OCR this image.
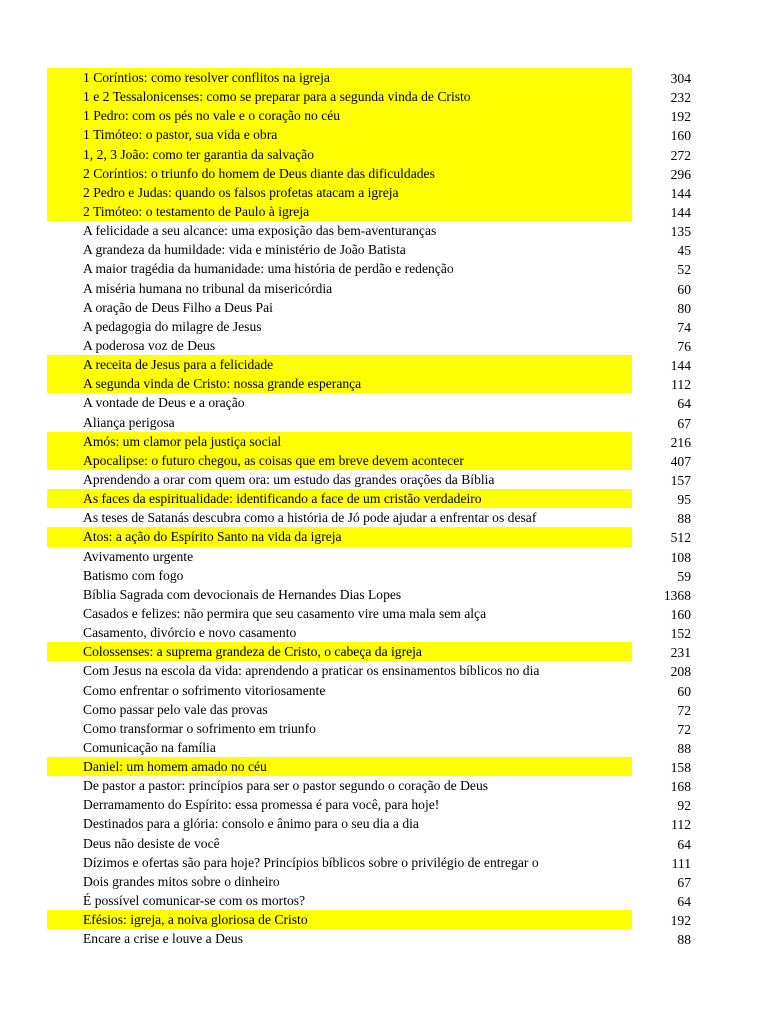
1 Coríntios: como resolver conflitos na igreja	304
1 e 2 Tessalonicenses: como se preparar para a segunda vinda de Cristo	232
1 Pedro: com os pés no vale e o coração no céu	192
1 Timóteo: o pastor, sua vida e obra	160
1, 2, 3 João: como ter garantia da salvação	272
2 Coríntios: o triunfo do homem de Deus diante das dificuldades	296
2 Pedro e Judas: quando os falsos profetas atacam a igreja	144
2 Timóteo: o testamento de Paulo à igreja	144
A felicidade a seu alcance: uma exposição das bem-aventuranças	135
A grandeza da humildade: vida e ministério de João Batista	45
A maior tragédia da humanidade: uma história de perdão e redenção	52
A miséria humana no tribunal da misericórdia	60
A oração de Deus Filho a Deus Pai	80
A pedagogia do milagre de Jesus	74
A poderosa voz de Deus	76
A receita de Jesus para a felicidade	144
A segunda vinda de Cristo: nossa grande esperança	112
A vontade de Deus e a oração	64
Aliança perigosa	67
Amós: um clamor pela justiça social	216
Apocalipse: o futuro chegou, as coisas que em breve devem acontecer	407
Aprendendo a orar com quem ora: um estudo das grandes orações da Bíblia	157
As faces da espiritualidade: identificando a face de um cristão verdadeiro	95
As teses de Satanás descubra como a história de Jó pode ajudar a enfrentar os desaf	88
Atos: a ação do Espírito Santo na vida da igreja	512
Avivamento urgente	108
Batismo com fogo	59
Bíblia Sagrada com devocionais de Hernandes Dias Lopes	1368
Casados e felizes: não permira que seu casamento vire uma mala sem alça	160
Casamento, divórcio e novo casamento	152
Colossenses: a suprema grandeza de Cristo, o cabeça da igreja	231
Com Jesus na escola da vida: aprendendo a praticar os ensinamentos bíblicos no dia	208
Como enfrentar o sofrimento vitoriosamente	60
Como passar pelo vale das provas	72
Como transformar o sofrimento em triunfo	72
Comunicação na família	88
Daniel: um homem amado no céu	158
De pastor a pastor: princípios para ser o pastor segundo o coração de Deus	168
Derramamento do Espírito: essa promessa é para você, para hoje!	92
Destinados para a glória: consolo e ânimo para o seu dia a dia	112
Deus não desiste de você	64
Dízimos e ofertas são para hoje? Princípios bíblicos sobre o privilégio de entregar o	111
Dois grandes mitos sobre o dinheiro	67
É possível comunicar-se com os mortos?	64
Efésios: igreja, a noiva gloriosa de Cristo	192
Encare a crise e louve a Deus	88
